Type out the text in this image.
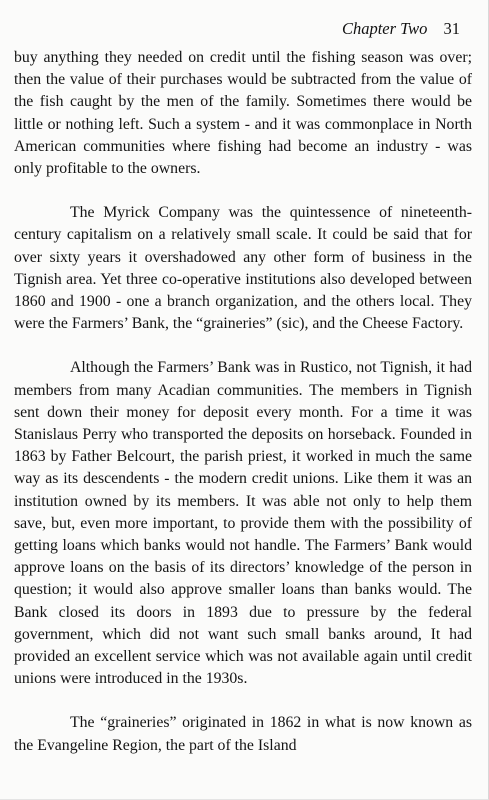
Chapter Two 31

buy anything they needed on credit until the fishing season was over; then the value of their purchases would be subtracted from the value of the fish caught by the men of the family. Sometimes there would be little or nothing left. Such a system - and it was commonplace in North American communities where fishing had become an industry - was only profitable to the owners.

The Myrick Company was the quintessence of nineteenth-century capitalism on a relatively small scale. It could be said that for over sixty years it overshadowed any other form of business in the Tignish area. Yet three co-operative institutions also developed between 1860 and 1900 - one a branch organization, and the others local. They were the Farmers’ Bank, the “graineries” (sic), and the Cheese Factory.

Although the Farmers’ Bank was in Rustico, not Tignish, it had members from many Acadian communities. The members in Tignish sent down their money for deposit every month. For a time it was Stanislaus Perry who transported the deposits on horseback. Founded in 1863 by Father Belcourt, the parish priest, it worked in much the same way as its descendents - the modern credit unions. Like them it was an institution owned by its members. It was able not only to help them save, but, even more important, to provide them with the possibility of getting loans which banks would not handle. The Farmers’ Bank would approve loans on the basis of its directors’ knowledge of the person in question; it would also approve smaller loans than banks would. The Bank closed its doors in 1893 due to pressure by the federal government, which did not want such small banks around, It had provided an excellent service which was not available again until credit unions were introduced in the 1930s.

The “graineries” originated in 1862 in what is now known as the Evangeline Region, the part of the Island
